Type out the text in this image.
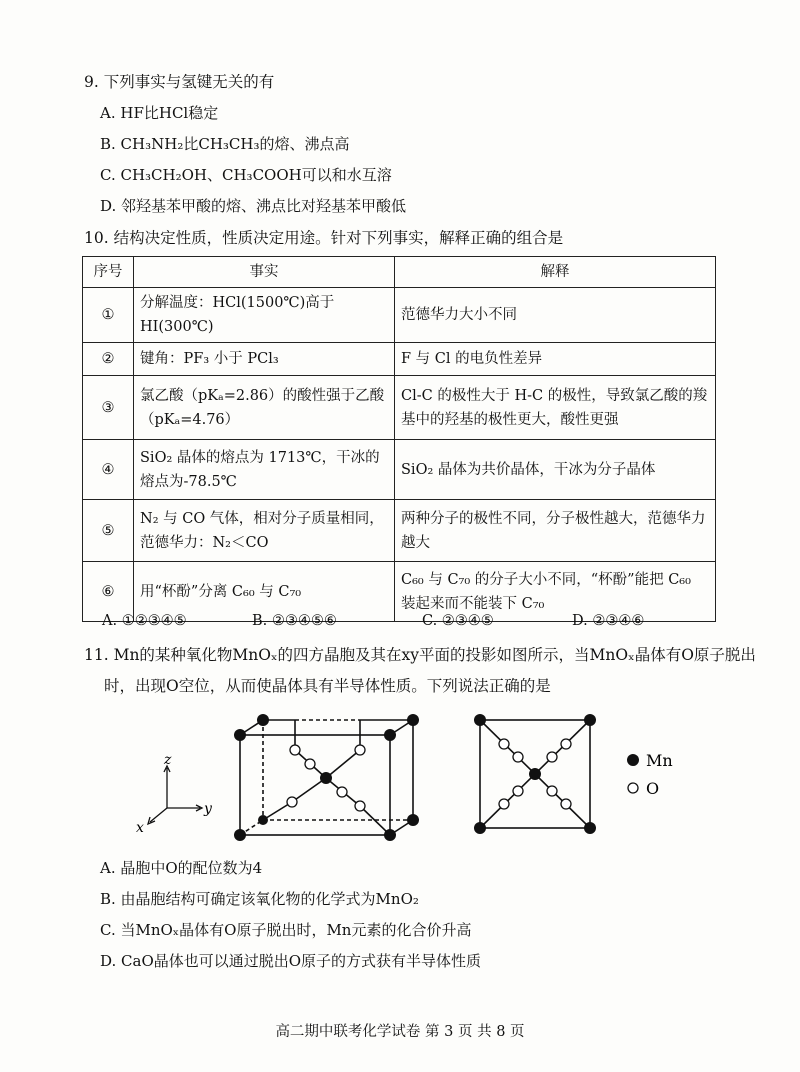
9. 下列事实与氢键无关的有
A. HF比HCl稳定
B. CH₃NH₂比CH₃CH₃的熔、沸点高
C. CH₃CH₂OH、CH₃COOH可以和水互溶
D. 邻羟基苯甲酸的熔、沸点比对羟基苯甲酸低
10. 结构决定性质，性质决定用途。针对下列事实，解释正确的组合是
序号	事实	解释
①	分解温度：HCl(1500℃)高于 HI(300℃)	范德华力大小不同
②	键角：PF₃ 小于 PCl₃	F 与 Cl 的电负性差异
③	氯乙酸（pKₐ=2.86）的酸性强于乙酸（pKₐ=4.76）	Cl-C 的极性大于 H-C 的极性，导致氯乙酸的羧基中的羟基的极性更大，酸性更强
④	SiO₂ 晶体的熔点为 1713℃，干冰的熔点为-78.5℃	SiO₂ 晶体为共价晶体，干冰为分子晶体
⑤	N₂ 与 CO 气体，相对分子质量相同，范德华力：N₂＜CO	两种分子的极性不同，分子极性越大，范德华力越大
⑥	用“杯酚”分离 C₆₀ 与 C₇₀	C₆₀ 与 C₇₀ 的分子大小不同，“杯酚”能把 C₆₀ 装起来而不能装下 C₇₀
A. ①②③④⑤	B. ②③④⑤⑥	C. ②③④⑤	D. ②③④⑥
11. Mn的某种氧化物MnOₓ的四方晶胞及其在xy平面的投影如图所示，当MnOₓ晶体有O原子脱出
时，出现O空位，从而使晶体具有半导体性质。下列说法正确的是
z
y
x
Mn
O
A. 晶胞中O的配位数为4
B. 由晶胞结构可确定该氧化物的化学式为MnO₂
C. 当MnOₓ晶体有O原子脱出时，Mn元素的化合价升高
D. CaO晶体也可以通过脱出O原子的方式获有半导体性质
高二期中联考化学试卷 第 3 页 共 8 页
